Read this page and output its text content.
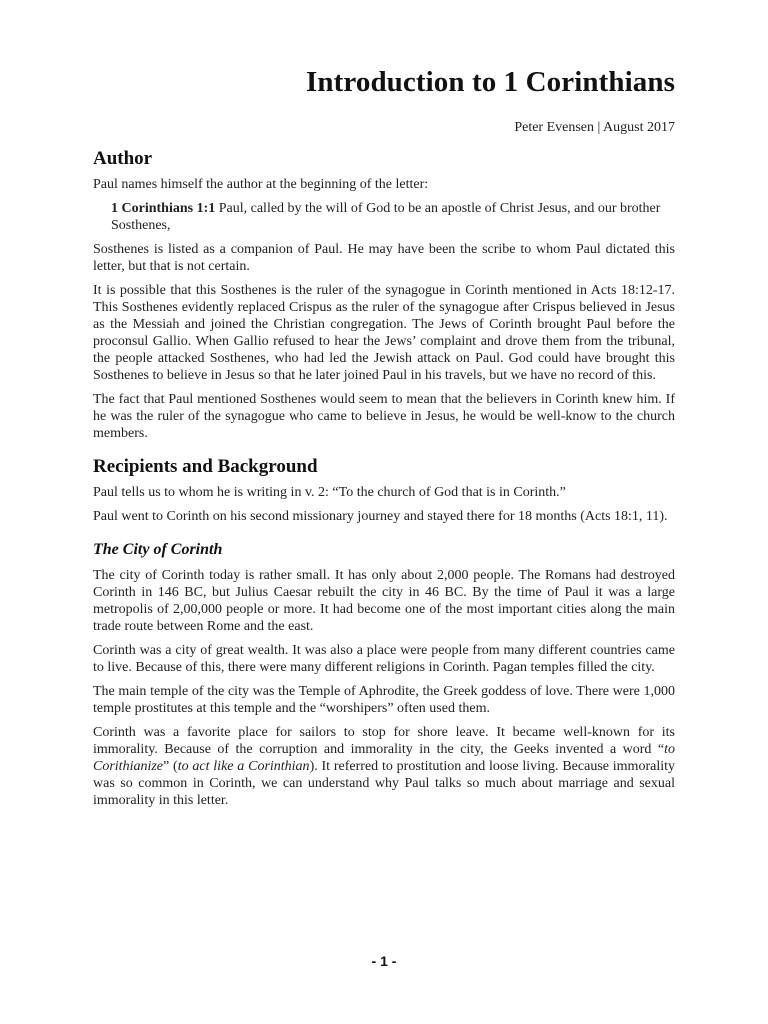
Introduction to 1 Corinthians
Peter Evensen | August 2017
Author

Paul names himself the author at the beginning of the letter:

1 Corinthians 1:1 Paul, called by the will of God to be an apostle of Christ Jesus, and our brother Sosthenes,

Sosthenes is listed as a companion of Paul. He may have been the scribe to whom Paul dictated this letter, but that is not certain.

It is possible that this Sosthenes is the ruler of the synagogue in Corinth mentioned in Acts 18:12-17. This Sosthenes evidently replaced Crispus as the ruler of the synagogue after Crispus believed in Jesus as the Messiah and joined the Christian congregation. The Jews of Corinth brought Paul before the proconsul Gallio. When Gallio refused to hear the Jews’ complaint and drove them from the tribunal, the people attacked Sosthenes, who had led the Jewish attack on Paul. God could have brought this Sosthenes to believe in Jesus so that he later joined Paul in his travels, but we have no record of this.

The fact that Paul mentioned Sosthenes would seem to mean that the believers in Corinth knew him. If he was the ruler of the synagogue who came to believe in Jesus, he would be well-know to the church members.

Recipients and Background

Paul tells us to whom he is writing in v. 2: “To the church of God that is in Corinth.”

Paul went to Corinth on his second missionary journey and stayed there for 18 months (Acts 18:1, 11).

The City of Corinth

The city of Corinth today is rather small. It has only about 2,000 people. The Romans had destroyed Corinth in 146 BC, but Julius Caesar rebuilt the city in 46 BC. By the time of Paul it was a large metropolis of 2,00,000 people or more. It had become one of the most important cities along the main trade route between Rome and the east.

Corinth was a city of great wealth. It was also a place were people from many different countries came to live. Because of this, there were many different religions in Corinth. Pagan temples filled the city.

The main temple of the city was the Temple of Aphrodite, the Greek goddess of love. There were 1,000 temple prostitutes at this temple and the “worshipers” often used them.

Corinth was a favorite place for sailors to stop for shore leave. It became well-known for its immorality. Because of the corruption and immorality in the city, the Geeks invented a word “to Corithianize” (to act like a Corinthian). It referred to prostitution and loose living. Because immorality was so common in Corinth, we can understand why Paul talks so much about marriage and sexual immorality in this letter.

- 1 -
